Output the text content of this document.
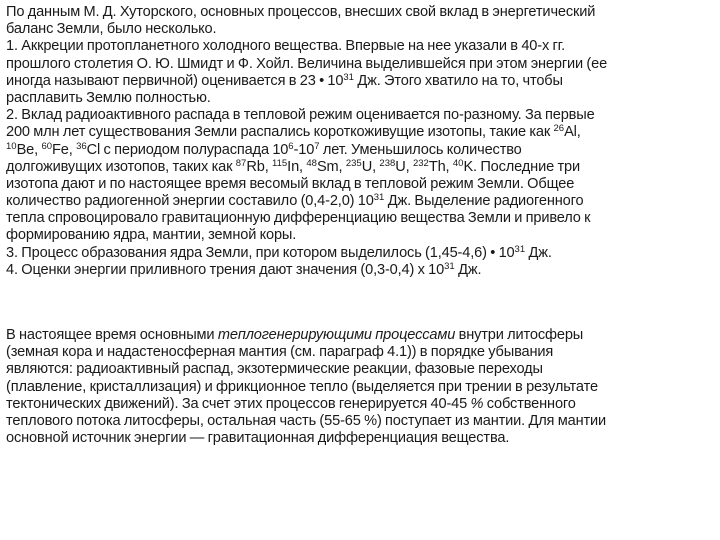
По данным М. Д. Хуторского, основных процессов, внесших свой вклад в энергетический
баланс Земли, было несколько.
1. Аккреции протопланетного холодного вещества. Впервые на нее указали в 40-х гг.
прошлого столетия О. Ю. Шмидт и Ф. Хойл. Величина выделившейся при этом энергии (ее
иногда называют первичной) оценивается в 23 • $10^{31}$ Дж. Этого хватило на то, чтобы
расплавить Землю полностью.
2. Вклад радиоактивного распада в тепловой режим оценивается по-разному. За первые
200 млн лет существования Земли распались короткоживущие изотопы, такие как $^{26}$Al,
$^{10}$Be, $^{60}$Fe, $^{36}$Cl с периодом полураспада $10^6-10^7$ лет. Уменьшилось количество
долгоживущих изотопов, таких как $^{87}$Rb, $^{115}$In, $^{48}$Sm, $^{235}$U, $^{238}$U, $^{232}$Th, $^{40}$K. Последние три
изотопа дают и по настоящее время весомый вклад в тепловой режим Земли. Общее
количество радиогенной энергии составило (0,4-2,0) $10^{31}$ Дж. Выделение радиогенного
тепла спровоцировало гравитационную дифференциацию вещества Земли и привело к
формированию ядра, мантии, земной коры.
3. Процесс образования ядра Земли, при котором выделилось (1,45-4,6) • $10^{31}$ Дж.
4. Оценки энергии приливного трения дают значения (0,3-0,4) х $10^{31}$ Дж.
В настоящее время основными теплогенерирующими процессами внутри литосферы
(земная кора и надастеносферная мантия (см. параграф 4.1)) в порядке убывания
являются: радиоактивный распад, экзотермические реакции, фазовые переходы
(плавление, кристаллизация) и фрикционное тепло (выделяется при трении в результате
тектонических движений). За счет этих процессов генерируется 40-45 % собственного
теплового потока литосферы, остальная часть (55-65 %) поступает из мантии. Для мантии
основной источник энергии — гравитационная дифференциация вещества.
